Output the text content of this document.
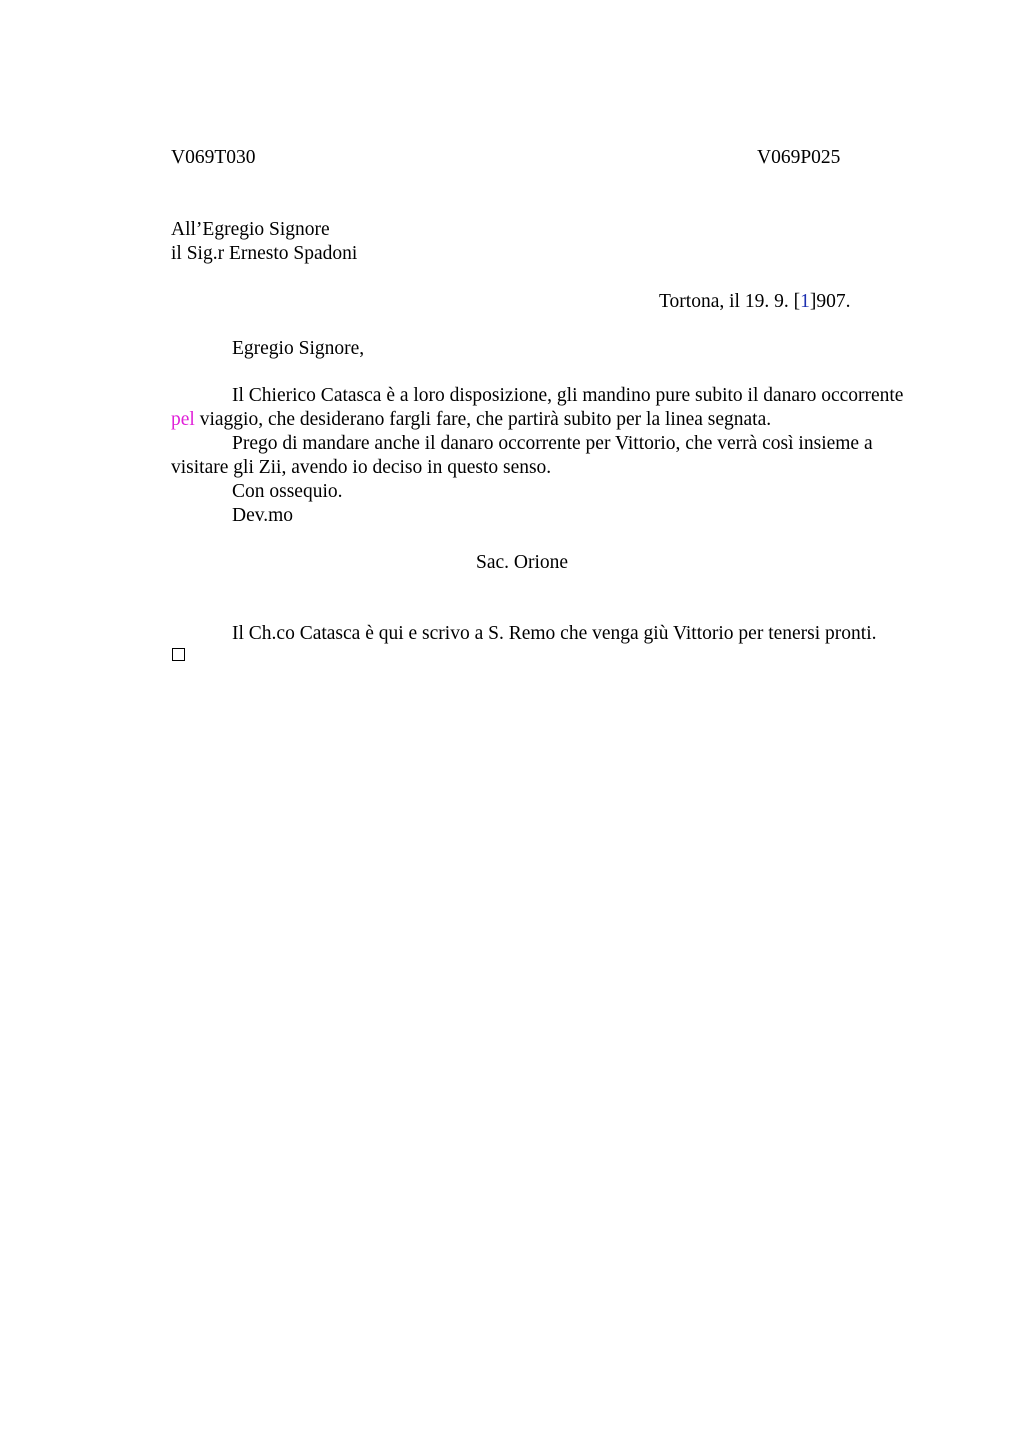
V069T030	V069P025
All’Egregio Signore
il Sig.r Ernesto Spadoni
Tortona, il 19. 9. [1]907.
Egregio Signore,
Il Chierico Catasca è a loro disposizione, gli mandino pure subito il danaro occorrente pel viaggio, che desiderano fargli fare, che partirà subito per la linea segnata.
Prego di mandare anche il danaro occorrente per Vittorio, che verrà così insieme a visitare gli Zii, avendo io deciso in questo senso.
Con ossequio.
Dev.mo
Sac. Orione
Il Ch.co Catasca è qui e scrivo a S. Remo che venga giù Vittorio per tenersi pronti.
